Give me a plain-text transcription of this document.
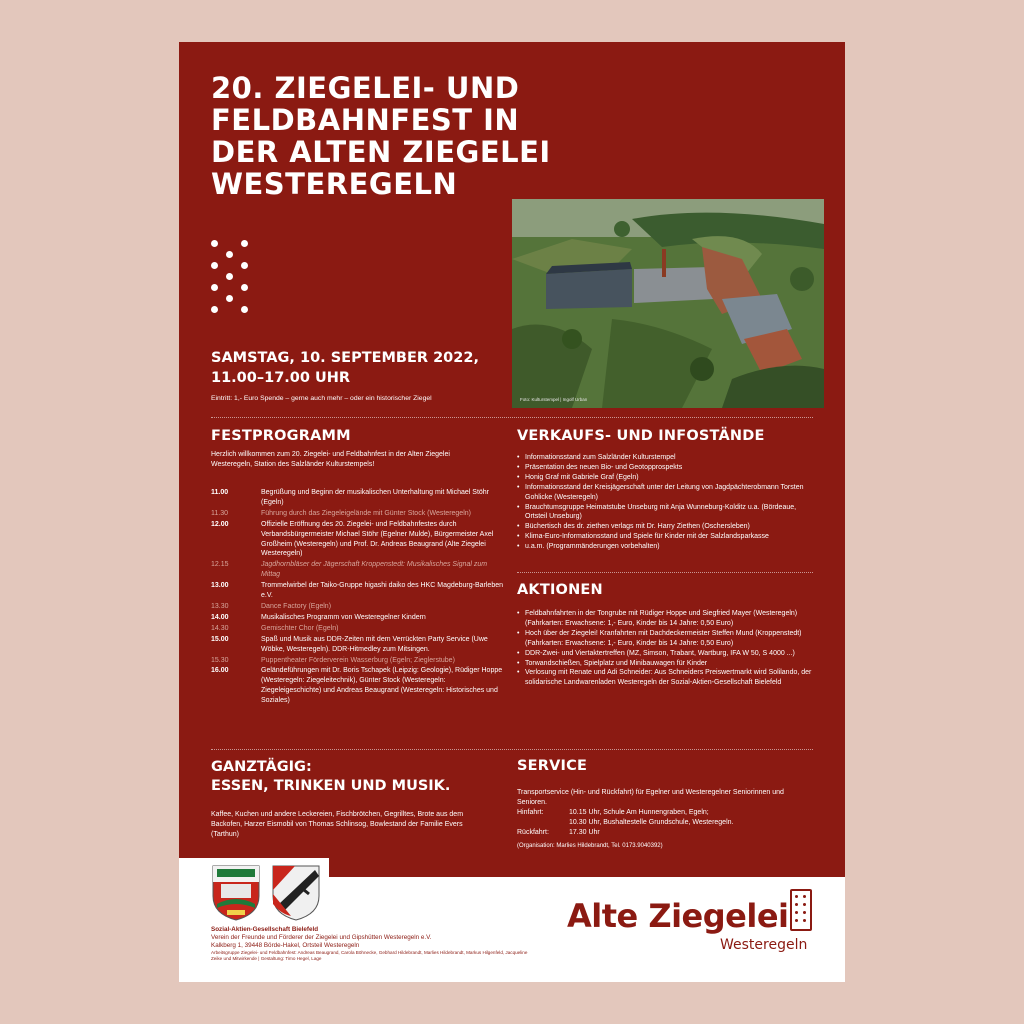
20. ZIEGELEI- UND
FELDBAHNFEST IN
DER ALTEN ZIEGELEI
WESTEREGELN
Foto: Kulturstempel | Ingolf Urban
SAMSTAG, 10. SEPTEMBER 2022,
11.00–17.00 UHR
Eintritt: 1,- Euro Spende – gerne auch mehr – oder ein historischer Ziegel
FESTPROGRAMM
Herzlich willkommen zum 20. Ziegelei- und Feldbahnfest in der Alten Ziegelei Westeregeln, Station des Salzländer Kulturstempels!
11.00	Begrüßung und Beginn der musikalischen Unterhaltung mit Michael Stöhr (Egeln)
11.30	Führung durch das Ziegeleigelände mit Günter Stock (Westeregeln)
12.00	Offizielle Eröffnung des 20. Ziegelei- und Feldbahnfestes durch Verbandsbürgermeister Michael Stöhr (Egelner Mulde), Bürgermeister Axel Großheim (Westeregeln) und Prof. Dr. Andreas Beaugrand (Alte Ziegelei Westeregeln)
12.15	Jagdhornbläser der Jägerschaft Kroppenstedt: Musikalisches Signal zum Mittag
13.00	Trommelwirbel der Taiko-Gruppe higashi daiko des HKC Magdeburg-Barleben e.V.
13.30	Dance Factory (Egeln)
14.00	Musikalisches Programm von Westeregelner Kindern
14.30	Gemischter Chor (Egeln)
15.00	Spaß und Musik aus DDR-Zeiten mit dem Verrückten Party Service (Uwe Wöbke, Westeregeln). DDR-Hitmedley zum Mitsingen.
15.30	Puppentheater Förderverein Wasserburg (Egeln; Zieglerstube)
16.00	Geländeführungen mit Dr. Boris Tschapek (Leipzig: Geologie), Rüdiger Hoppe (Westeregeln: Ziegeleitechnik), Günter Stock (Westeregeln: Ziegeleigeschichte) und Andreas Beaugrand (Westeregeln: Historisches und Soziales)
VERKAUFS- UND INFOSTÄNDE
• Informationsstand zum Salzländer Kulturstempel
• Präsentation des neuen Bio- und Geotopprospekts
• Honig Graf mit Gabriele Graf (Egeln)
• Informationsstand der Kreisjägerschaft unter der Leitung von Jagdpächterobmann Torsten Gohlicke (Westeregeln)
• Brauchtumsgruppe Heimatstube Unseburg mit Anja Wunneburg-Kolditz u.a. (Bördeaue, Ortsteil Unseburg)
• Büchertisch des dr. ziethen verlags mit Dr. Harry Ziethen (Oschersleben)
• Klima-Euro-Informationsstand und Spiele für Kinder mit der Salzlandsparkasse
• u.a.m. (Programmänderungen vorbehalten)
AKTIONEN
• Feldbahnfahrten in der Tongrube mit Rüdiger Hoppe und Siegfried Mayer (Westeregeln) (Fahrkarten: Erwachsene: 1,- Euro, Kinder bis 14 Jahre: 0,50 Euro)
• Hoch über der Ziegelei! Kranfahrten mit Dachdeckermeister Steffen Mund (Kroppenstedt) (Fahrkarten: Erwachsene: 1,- Euro, Kinder bis 14 Jahre: 0,50 Euro)
• DDR-Zwei- und Viertaktertreffen (MZ, Simson, Trabant, Wartburg, IFA W 50, S 4000 ...)
• Torwandschießen, Spielplatz und Minibauwagen für Kinder
• Verlosung mit Renate und Adi Schneider: Aus Schneiders Preiswertmarkt wird Solilando, der solidarische Landwarenladen Westeregeln der Sozial-Aktien-Gesellschaft Bielefeld
GANZTÄGIG:
ESSEN, TRINKEN UND MUSIK.
Kaffee, Kuchen und andere Leckereien, Fischbrötchen, Gegrilltes, Brote aus dem Backofen, Harzer Eismobil von Thomas Schlinsog, Bowlestand der Familie Evers (Tarthun)
SERVICE
Transportservice (Hin- und Rückfahrt) für Egelner und Westeregelner Seniorinnen und Senioren.
Hinfahrt:	10.15 Uhr, Schule Am Hunnengraben, Egeln;
10.30 Uhr, Bushaltestelle Grundschule, Westeregeln.
Rückfahrt:	17.30 Uhr
(Organisation: Marlies Hildebrandt, Tel. 0173.9040392)
Sozial-Aktien-Gesellschaft Bielefeld
Verein der Freunde und Förderer der Ziegelei und Gipshütten Westeregeln e.V.
Kalkberg 1, 39448 Börde-Hakel, Ortsteil Westeregeln
Arbeitsgruppe Ziegelei- und Feldbahnfest: Andreas Beaugrand, Carola Böhnecke, Gebhard Hildebrandt, Marlies Hildebrandt, Markus Hilgenfeld, Jacqueline Zeike und Mitwirkende | Gestaltung: Timo Hegel, Lage
Alte Ziegelei
Westeregeln
